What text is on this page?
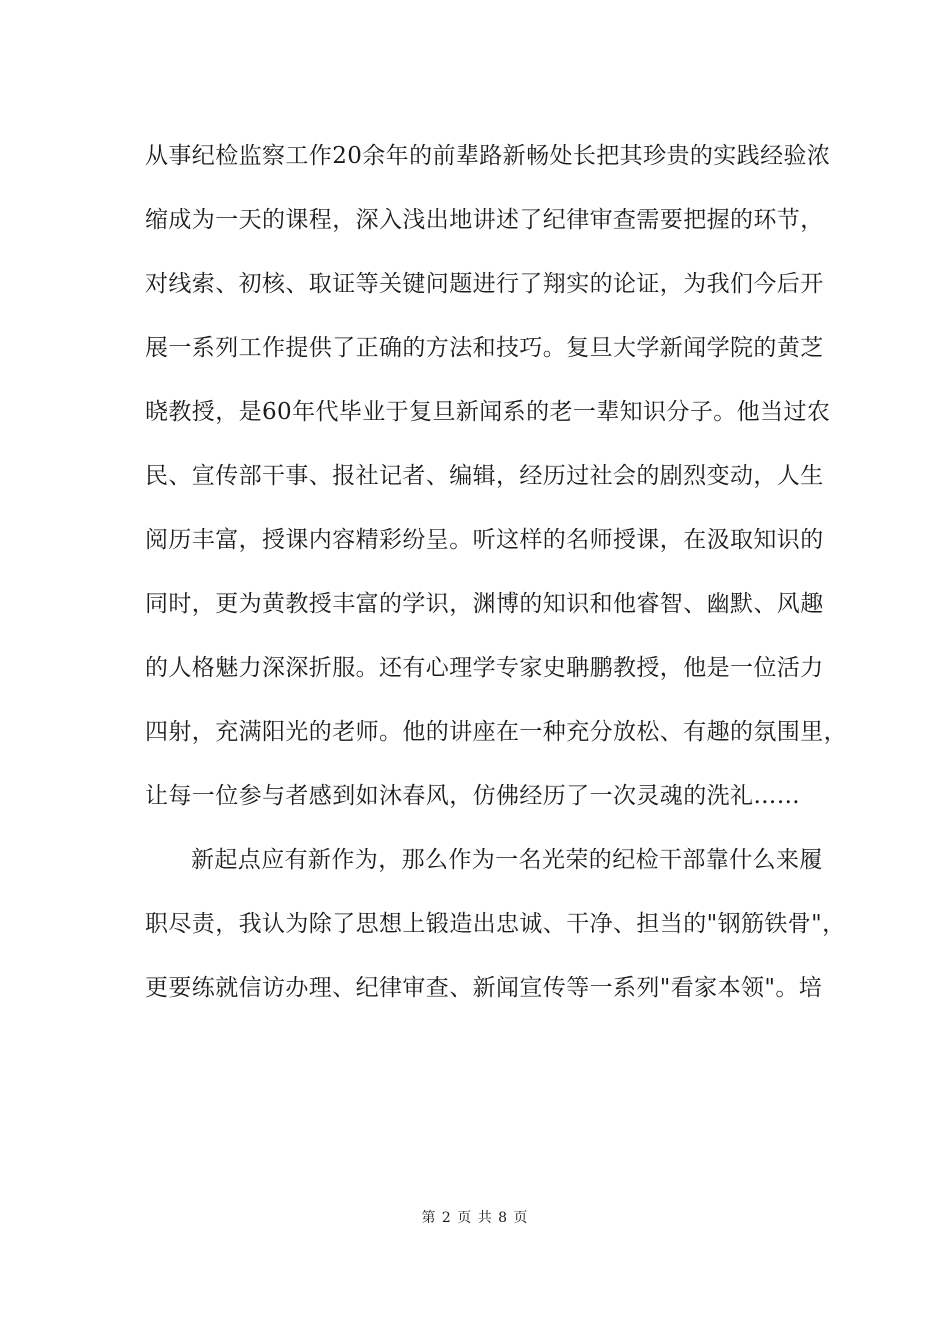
从事纪检监察工作20余年的前辈路新畅处长把其珍贵的实践经验浓
缩成为一天的课程，深入浅出地讲述了纪律审查需要把握的环节，
对线索、初核、取证等关键问题进行了翔实的论证，为我们今后开
展一系列工作提供了正确的方法和技巧。复旦大学新闻学院的黄芝
晓教授，是60年代毕业于复旦新闻系的老一辈知识分子。他当过农
民、宣传部干事、报社记者、编辑，经历过社会的剧烈变动，人生
阅历丰富，授课内容精彩纷呈。听这样的名师授课，在汲取知识的
同时，更为黄教授丰富的学识，渊博的知识和他睿智、幽默、风趣
的人格魅力深深折服。还有心理学专家史聃鹏教授，他是一位活力
四射，充满阳光的老师。他的讲座在一种充分放松、有趣的氛围里，
让每一位参与者感到如沐春风，仿佛经历了一次灵魂的洗礼……
新起点应有新作为，那么作为一名光荣的纪检干部靠什么来履
职尽责，我认为除了思想上锻造出忠诚、干净、担当的"钢筋铁骨"，
更要练就信访办理、纪律审查、新闻宣传等一系列"看家本领"。培
第 2 页 共 8 页
